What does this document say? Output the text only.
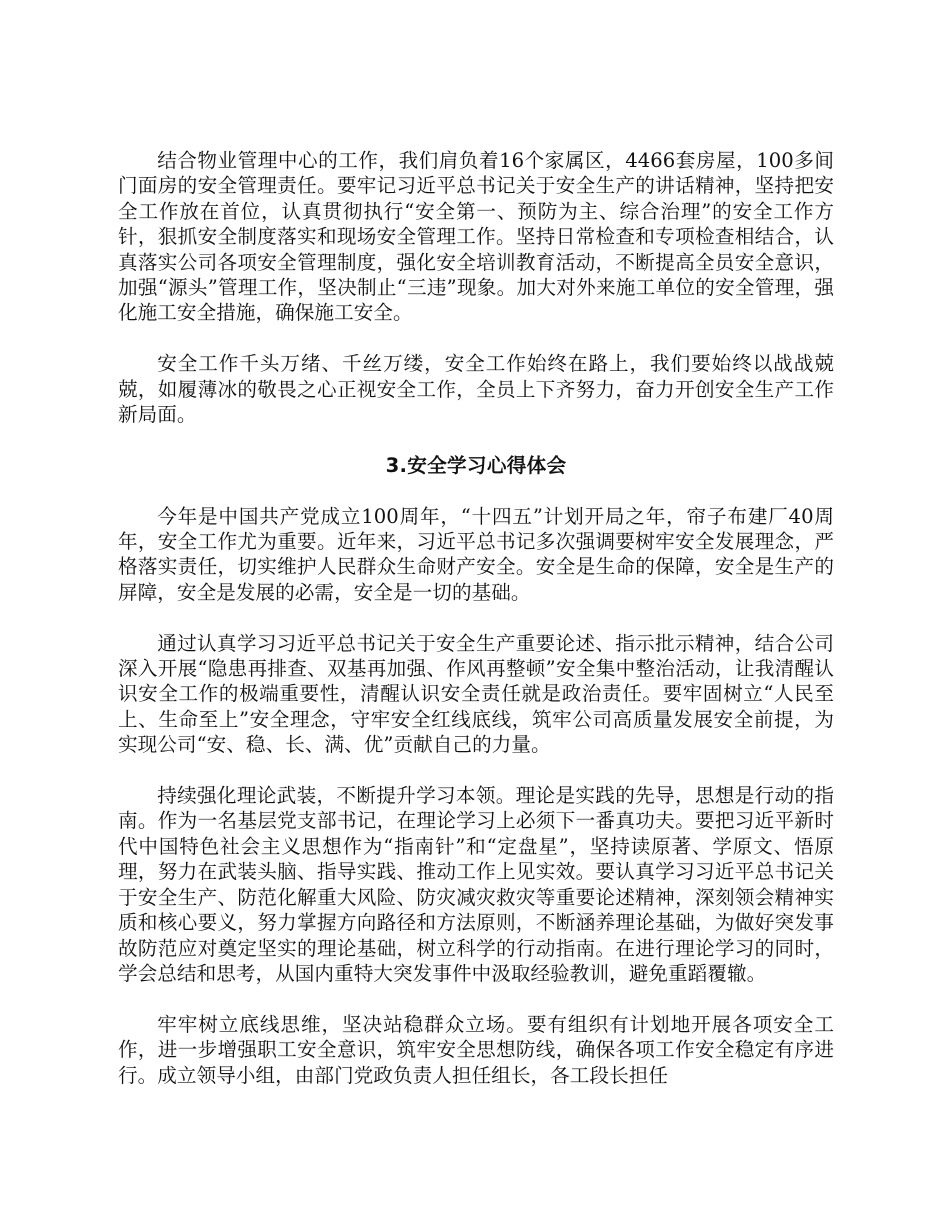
结合物业管理中心的工作，我们肩负着16个家属区，4466套房屋，100多间门面房的安全管理责任。要牢记习近平总书记关于安全生产的讲话精神，坚持把安全工作放在首位，认真贯彻执行“安全第一、预防为主、综合治理”的安全工作方针，狠抓安全制度落实和现场安全管理工作。坚持日常检查和专项检查相结合，认真落实公司各项安全管理制度，强化安全培训教育活动，不断提高全员安全意识，加强“源头”管理工作，坚决制止“三违”现象。加大对外来施工单位的安全管理，强化施工安全措施，确保施工安全。

安全工作千头万绪、千丝万缕，安全工作始终在路上，我们要始终以战战兢兢，如履薄冰的敬畏之心正视安全工作，全员上下齐努力，奋力开创安全生产工作新局面。

3.安全学习心得体会

今年是中国共产党成立100周年，“十四五”计划开局之年，帘子布建厂40周年，安全工作尤为重要。近年来，习近平总书记多次强调要树牢安全发展理念，严格落实责任，切实维护人民群众生命财产安全。安全是生命的保障，安全是生产的屏障，安全是发展的必需，安全是一切的基础。

通过认真学习习近平总书记关于安全生产重要论述、指示批示精神，结合公司深入开展“隐患再排查、双基再加强、作风再整顿”安全集中整治活动，让我清醒认识安全工作的极端重要性，清醒认识安全责任就是政治责任。要牢固树立“人民至上、生命至上”安全理念，守牢安全红线底线，筑牢公司高质量发展安全前提，为实现公司“安、稳、长、满、优”贡献自己的力量。

持续强化理论武装，不断提升学习本领。理论是实践的先导，思想是行动的指南。作为一名基层党支部书记，在理论学习上必须下一番真功夫。要把习近平新时代中国特色社会主义思想作为“指南针”和“定盘星”，坚持读原著、学原文、悟原理，努力在武装头脑、指导实践、推动工作上见实效。要认真学习习近平总书记关于安全生产、防范化解重大风险、防灾减灾救灾等重要论述精神，深刻领会精神实质和核心要义，努力掌握方向路径和方法原则，不断涵养理论基础，为做好突发事故防范应对奠定坚实的理论基础，树立科学的行动指南。在进行理论学习的同时，学会总结和思考，从国内重特大突发事件中汲取经验教训，避免重蹈覆辙。

牢牢树立底线思维，坚决站稳群众立场。要有组织有计划地开展各项安全工作，进一步增强职工安全意识，筑牢安全思想防线，确保各项工作安全稳定有序进行。成立领导小组，由部门党政负责人担任组长，各工段长担任
